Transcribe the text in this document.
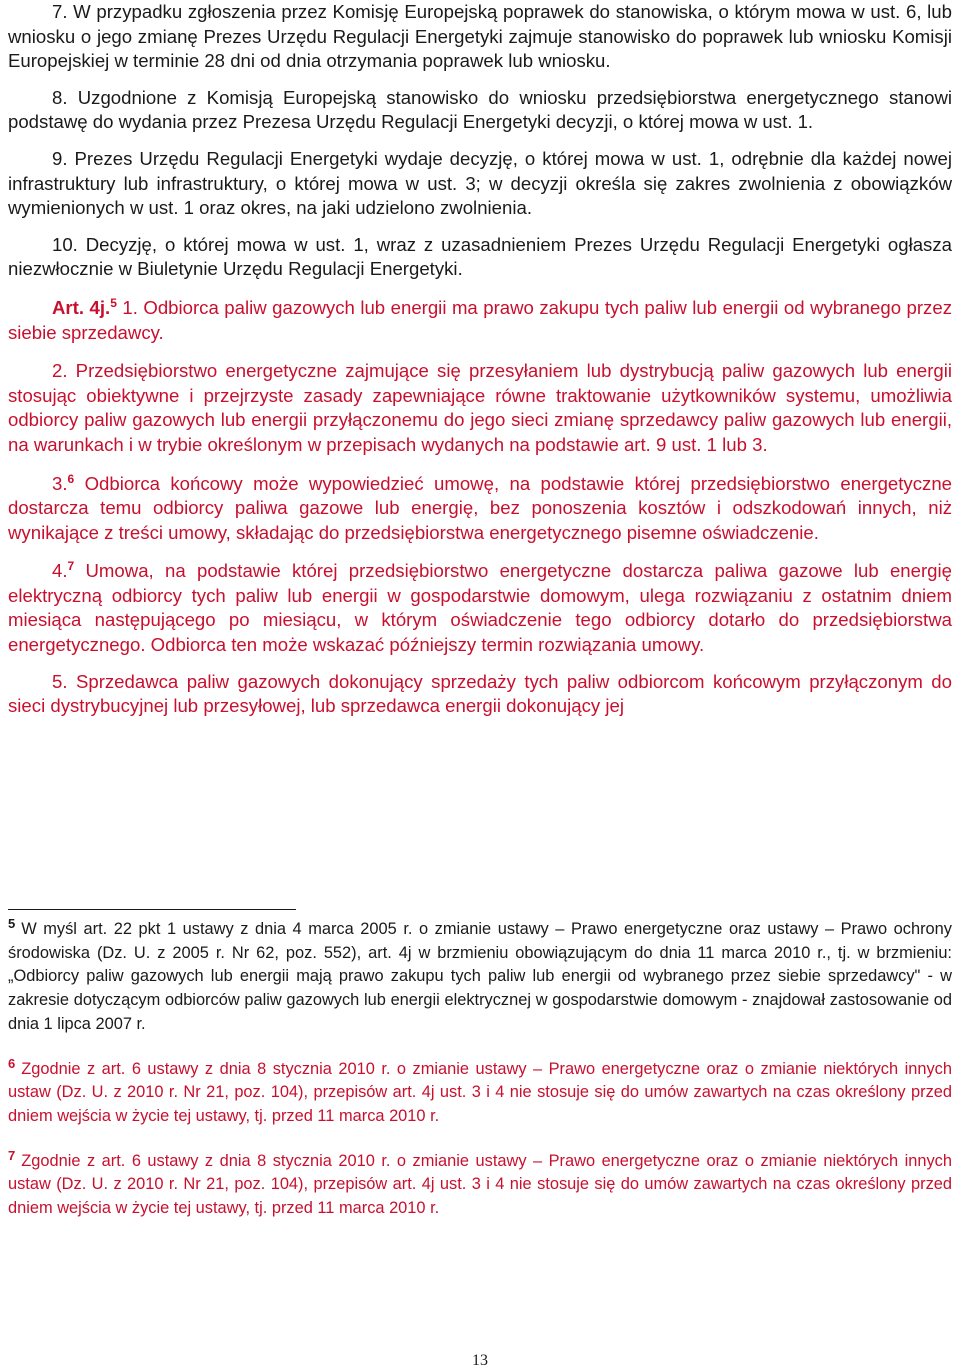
7. W przypadku zgłoszenia przez Komisję Europejską poprawek do stanowiska, o którym mowa w ust. 6, lub wniosku o jego zmianę Prezes Urzędu Regulacji Energetyki zajmuje stanowisko do poprawek lub wniosku Komisji Europejskiej w terminie 28 dni od dnia otrzymania poprawek lub wniosku.

8. Uzgodnione z Komisją Europejską stanowisko do wniosku przedsiębiorstwa energetycznego stanowi podstawę do wydania przez Prezesa Urzędu Regulacji Energetyki decyzji, o której mowa w ust. 1.

9. Prezes Urzędu Regulacji Energetyki wydaje decyzję, o której mowa w ust. 1, odrębnie dla każdej nowej infrastruktury lub infrastruktury, o której mowa w ust. 3; w decyzji określa się zakres zwolnienia z obowiązków wymienionych w ust. 1 oraz okres, na jaki udzielono zwolnienia.

10. Decyzję, o której mowa w ust. 1, wraz z uzasadnieniem Prezes Urzędu Regulacji Energetyki ogłasza niezwłocznie w Biuletynie Urzędu Regulacji Energetyki.

Art. 4j.$^5$ 1. Odbiorca paliw gazowych lub energii ma prawo zakupu tych paliw lub energii od wybranego przez siebie sprzedawcy.

2. Przedsiębiorstwo energetyczne zajmujące się przesyłaniem lub dystrybucją paliw gazowych lub energii stosując obiektywne i przejrzyste zasady zapewniające równe traktowanie użytkowników systemu, umożliwia odbiorcy paliw gazowych lub energii przyłączonemu do jego sieci zmianę sprzedawcy paliw gazowych lub energii, na warunkach i w trybie określonym w przepisach wydanych na podstawie art. 9 ust. 1 lub 3.

3.$^6$ Odbiorca końcowy może wypowiedzieć umowę, na podstawie której przedsiębiorstwo energetyczne dostarcza temu odbiorcy paliwa gazowe lub energię, bez ponoszenia kosztów i odszkodowań innych, niż wynikające z treści umowy, składając do przedsiębiorstwa energetycznego pisemne oświadczenie.

4.$^7$ Umowa, na podstawie której przedsiębiorstwo energetyczne dostarcza paliwa gazowe lub energię elektryczną odbiorcy tych paliw lub energii w gospodarstwie domowym, ulega rozwiązaniu z ostatnim dniem miesiąca następującego po miesiącu, w którym oświadczenie tego odbiorcy dotarło do przedsiębiorstwa energetycznego. Odbiorca ten może wskazać późniejszy termin rozwiązania umowy.

5. Sprzedawca paliw gazowych dokonujący sprzedaży tych paliw odbiorcom końcowym przyłączonym do sieci dystrybucyjnej lub przesyłowej, lub sprzedawca energii dokonujący jej

$^5$ W myśl art. 22 pkt 1 ustawy z dnia 4 marca 2005 r. o zmianie ustawy – Prawo energetyczne oraz ustawy – Prawo ochrony środowiska (Dz. U. z 2005 r. Nr 62, poz. 552), art. 4j w brzmieniu obowiązującym do dnia 11 marca 2010 r., tj. w brzmieniu: „Odbiorcy paliw gazowych lub energii mają prawo zakupu tych paliw lub energii od wybranego przez siebie sprzedawcy" - w zakresie dotyczącym odbiorców paliw gazowych lub energii elektrycznej w gospodarstwie domowym - znajdował zastosowanie od dnia 1 lipca 2007 r.

$^6$ Zgodnie z art. 6 ustawy z dnia 8 stycznia 2010 r. o zmianie ustawy – Prawo energetyczne oraz o zmianie niektórych innych ustaw (Dz. U. z 2010 r. Nr 21, poz. 104), przepisów art. 4j ust. 3 i 4 nie stosuje się do umów zawartych na czas określony przed dniem wejścia w życie tej ustawy, tj. przed 11 marca 2010 r.

$^7$ Zgodnie z art. 6 ustawy z dnia 8 stycznia 2010 r. o zmianie ustawy – Prawo energetyczne oraz o zmianie niektórych innych ustaw (Dz. U. z 2010 r. Nr 21, poz. 104), przepisów art. 4j ust. 3 i 4 nie stosuje się do umów zawartych na czas określony przed dniem wejścia w życie tej ustawy, tj. przed 11 marca 2010 r.

13
